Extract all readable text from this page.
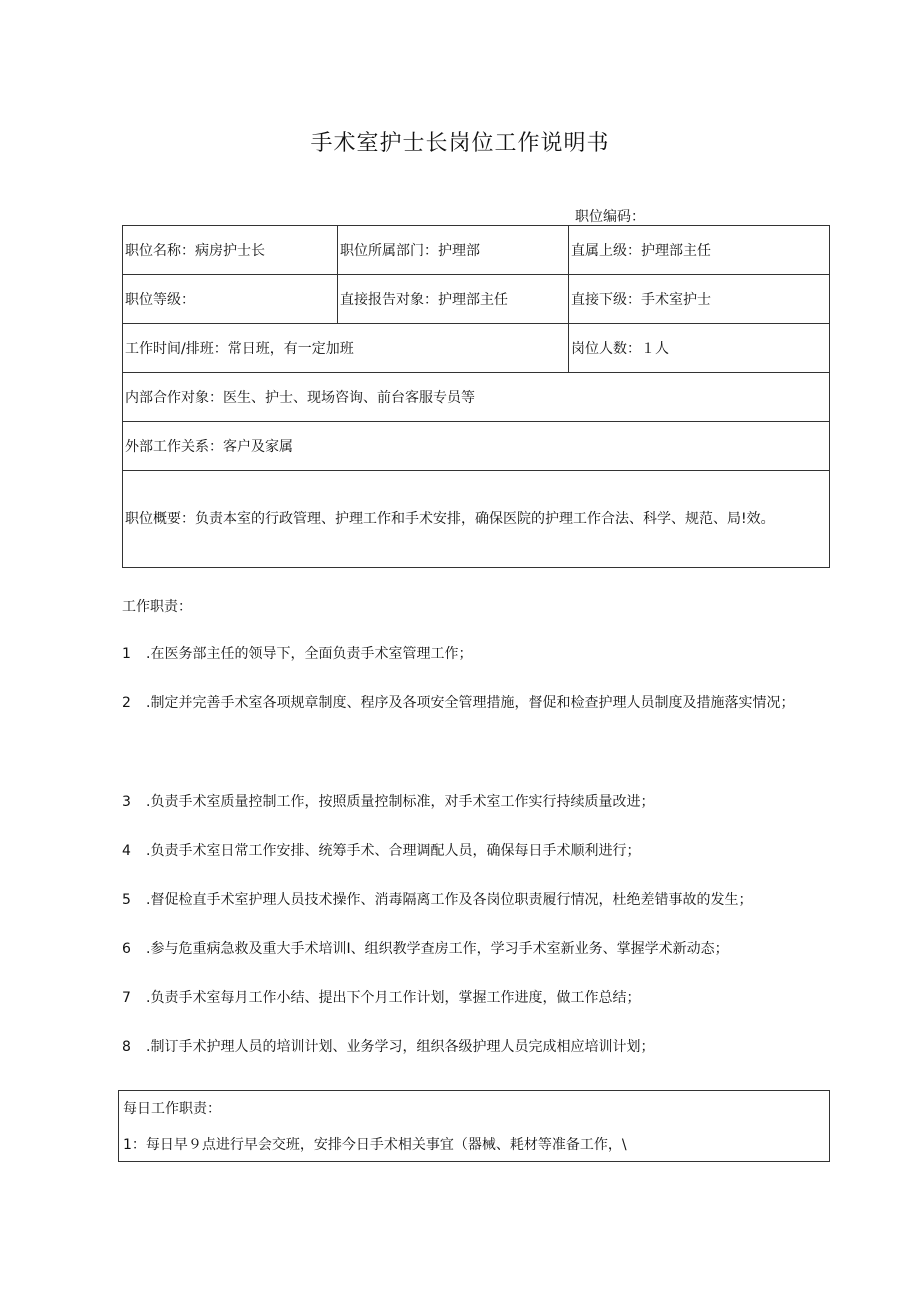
手术室护士长岗位工作说明书
职位编码：
职位名称：病房护士长	职位所属部门：护理部	直属上级：护理部主任
职位等级：	直接报告对象：护理部主任	直接下级：手术室护士
工作时间/排班：常日班，有一定加班		岗位人数：１人
内部合作对象：医生、护士、现场咨询、前台客服专员等		
外部工作关系：客户及家属		
职位概要：负责本室的行政管理、护理工作和手术安排，确保医院的护理工作合法、科学、规范、局!效。		
工作职责：
1 .在医务部主任的领导下，全面负责手术室管理工作；
2 .制定并完善手术室各项规章制度、程序及各项安全管理措施，督促和检查护理人员制度及措施落实情况；
3 .负责手术室质量控制工作，按照质量控制标准，对手术室工作实行持续质量改进；
4 .负责手术室日常工作安排、统筹手术、合理调配人员，确保每日手术顺利进行；
5 .督促检直手术室护理人员技术操作、消毒隔离工作及各岗位职责履行情况，杜绝差错事故的发生；
6 .参与危重病急救及重大手术培训I、组织教学查房工作，学习手术室新业务、掌握学术新动态；
7 .负责手术室每月工作小结、提出下个月工作计划，掌握工作进度，做工作总结；
8 .制订手术护理人员的培训计划、业务学习，组织各级护理人员完成相应培训计划；
每日工作职责：
1：每日早９点进行早会交班，安排今日手术相关事宜（器械、耗材等准备工作，\
